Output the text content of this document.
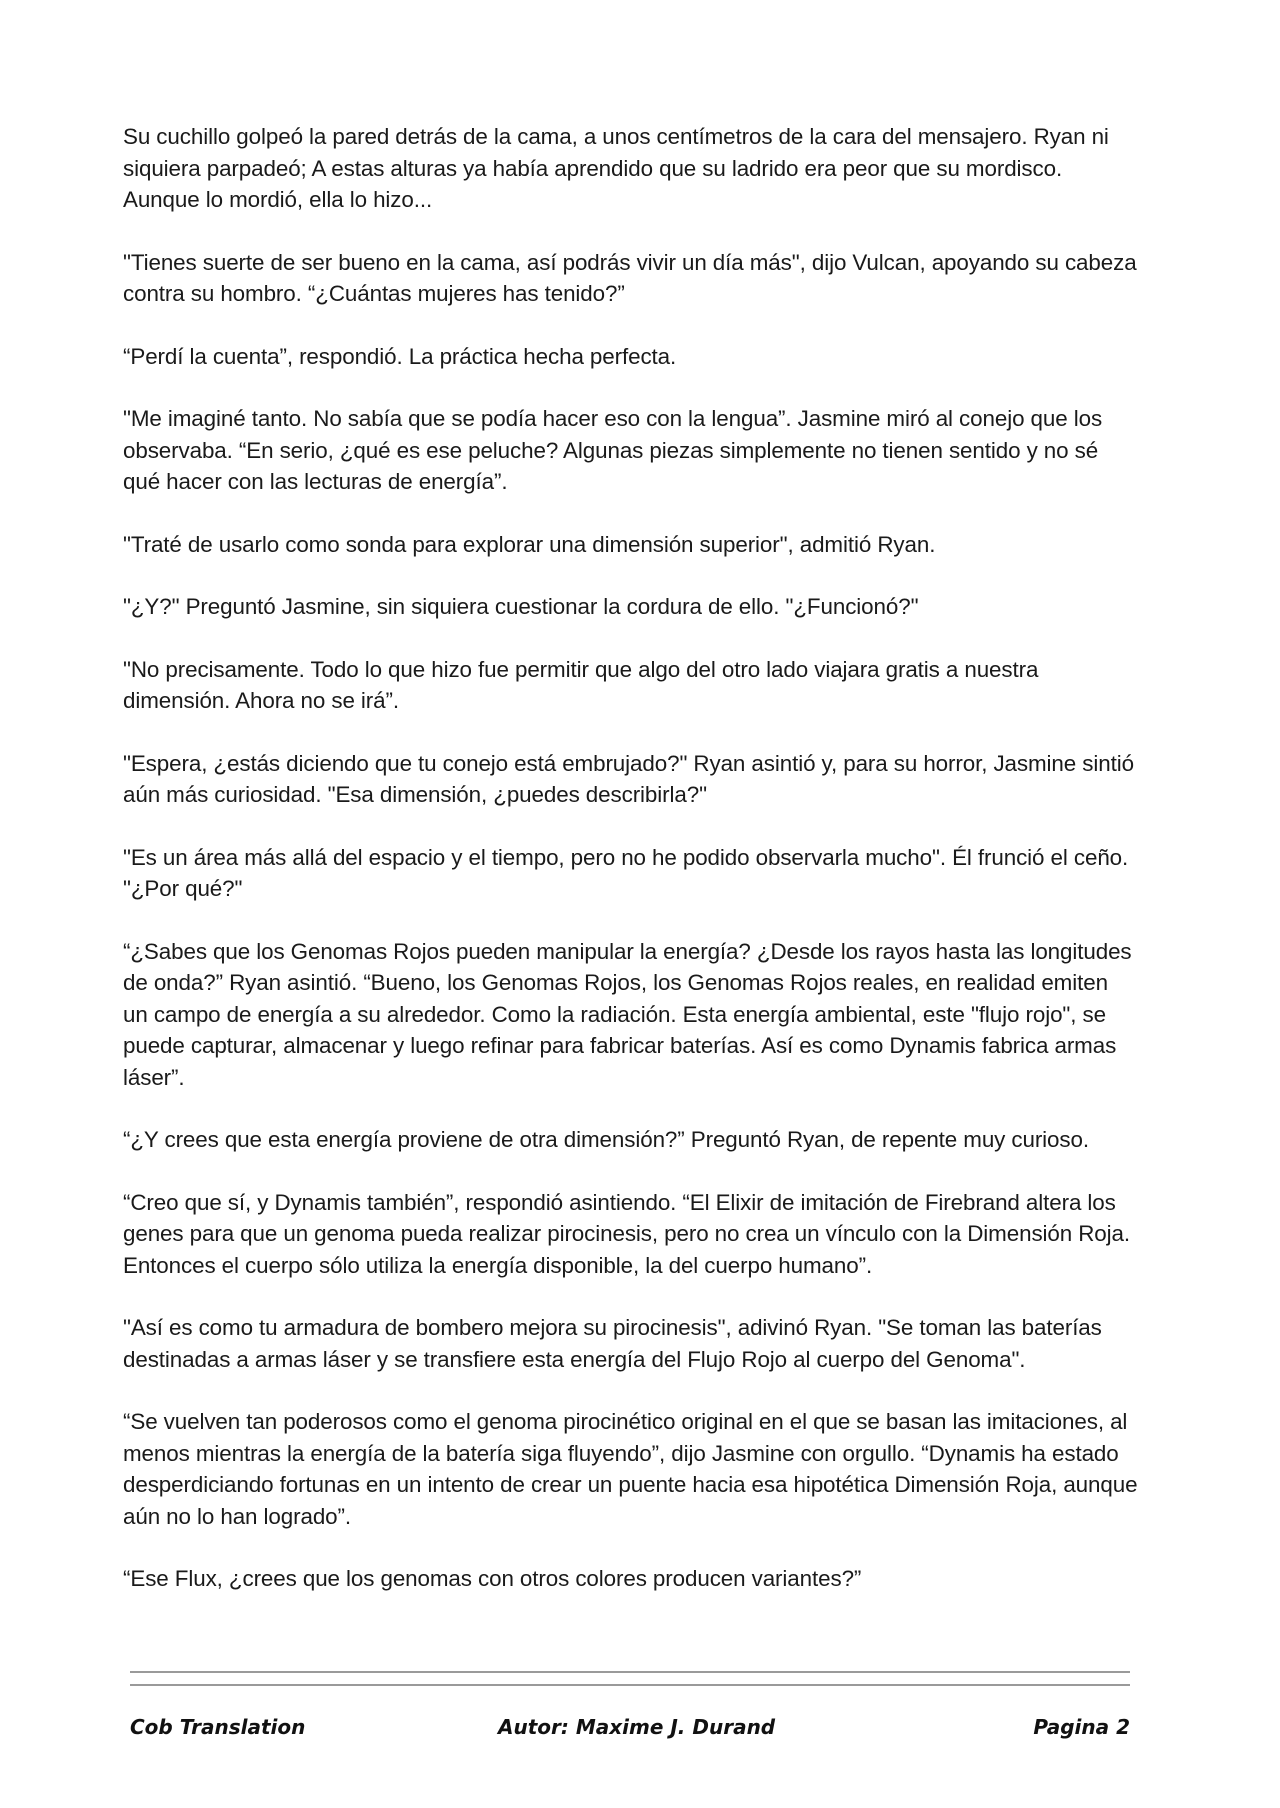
Su cuchillo golpeó la pared detrás de la cama, a unos centímetros de la cara del mensajero. Ryan ni siquiera parpadeó; A estas alturas ya había aprendido que su ladrido era peor que su mordisco. Aunque lo mordió, ella lo hizo...

"Tienes suerte de ser bueno en la cama, así podrás vivir un día más", dijo Vulcan, apoyando su cabeza contra su hombro. “¿Cuántas mujeres has tenido?”

“Perdí la cuenta”, respondió. La práctica hecha perfecta.

"Me imaginé tanto. No sabía que se podía hacer eso con la lengua”. Jasmine miró al conejo que los observaba. “En serio, ¿qué es ese peluche? Algunas piezas simplemente no tienen sentido y no sé qué hacer con las lecturas de energía”.

"Traté de usarlo como sonda para explorar una dimensión superior", admitió Ryan.

"¿Y?" Preguntó Jasmine, sin siquiera cuestionar la cordura de ello. "¿Funcionó?"

"No precisamente. Todo lo que hizo fue permitir que algo del otro lado viajara gratis a nuestra dimensión. Ahora no se irá”.

"Espera, ¿estás diciendo que tu conejo está embrujado?" Ryan asintió y, para su horror, Jasmine sintió aún más curiosidad. "Esa dimensión, ¿puedes describirla?"

"Es un área más allá del espacio y el tiempo, pero no he podido observarla mucho". Él frunció el ceño. "¿Por qué?"

“¿Sabes que los Genomas Rojos pueden manipular la energía? ¿Desde los rayos hasta las longitudes de onda?” Ryan asintió. “Bueno, los Genomas Rojos, los Genomas Rojos reales, en realidad emiten un campo de energía a su alrededor. Como la radiación. Esta energía ambiental, este "flujo rojo", se puede capturar, almacenar y luego refinar para fabricar baterías. Así es como Dynamis fabrica armas láser”.

“¿Y crees que esta energía proviene de otra dimensión?” Preguntó Ryan, de repente muy curioso.

“Creo que sí, y Dynamis también”, respondió asintiendo. “El Elixir de imitación de Firebrand altera los genes para que un genoma pueda realizar pirocinesis, pero no crea un vínculo con la Dimensión Roja. Entonces el cuerpo sólo utiliza la energía disponible, la del cuerpo humano”.

"Así es como tu armadura de bombero mejora su pirocinesis", adivinó Ryan. "Se toman las baterías destinadas a armas láser y se transfiere esta energía del Flujo Rojo al cuerpo del Genoma".

“Se vuelven tan poderosos como el genoma pirocinético original en el que se basan las imitaciones, al menos mientras la energía de la batería siga fluyendo”, dijo Jasmine con orgullo. “Dynamis ha estado desperdiciando fortunas en un intento de crear un puente hacia esa hipotética Dimensión Roja, aunque aún no lo han logrado”.

“Ese Flux, ¿crees que los genomas con otros colores producen variantes?”

Cob Translation	Autor: Maxime J. Durand	Pagina 2
